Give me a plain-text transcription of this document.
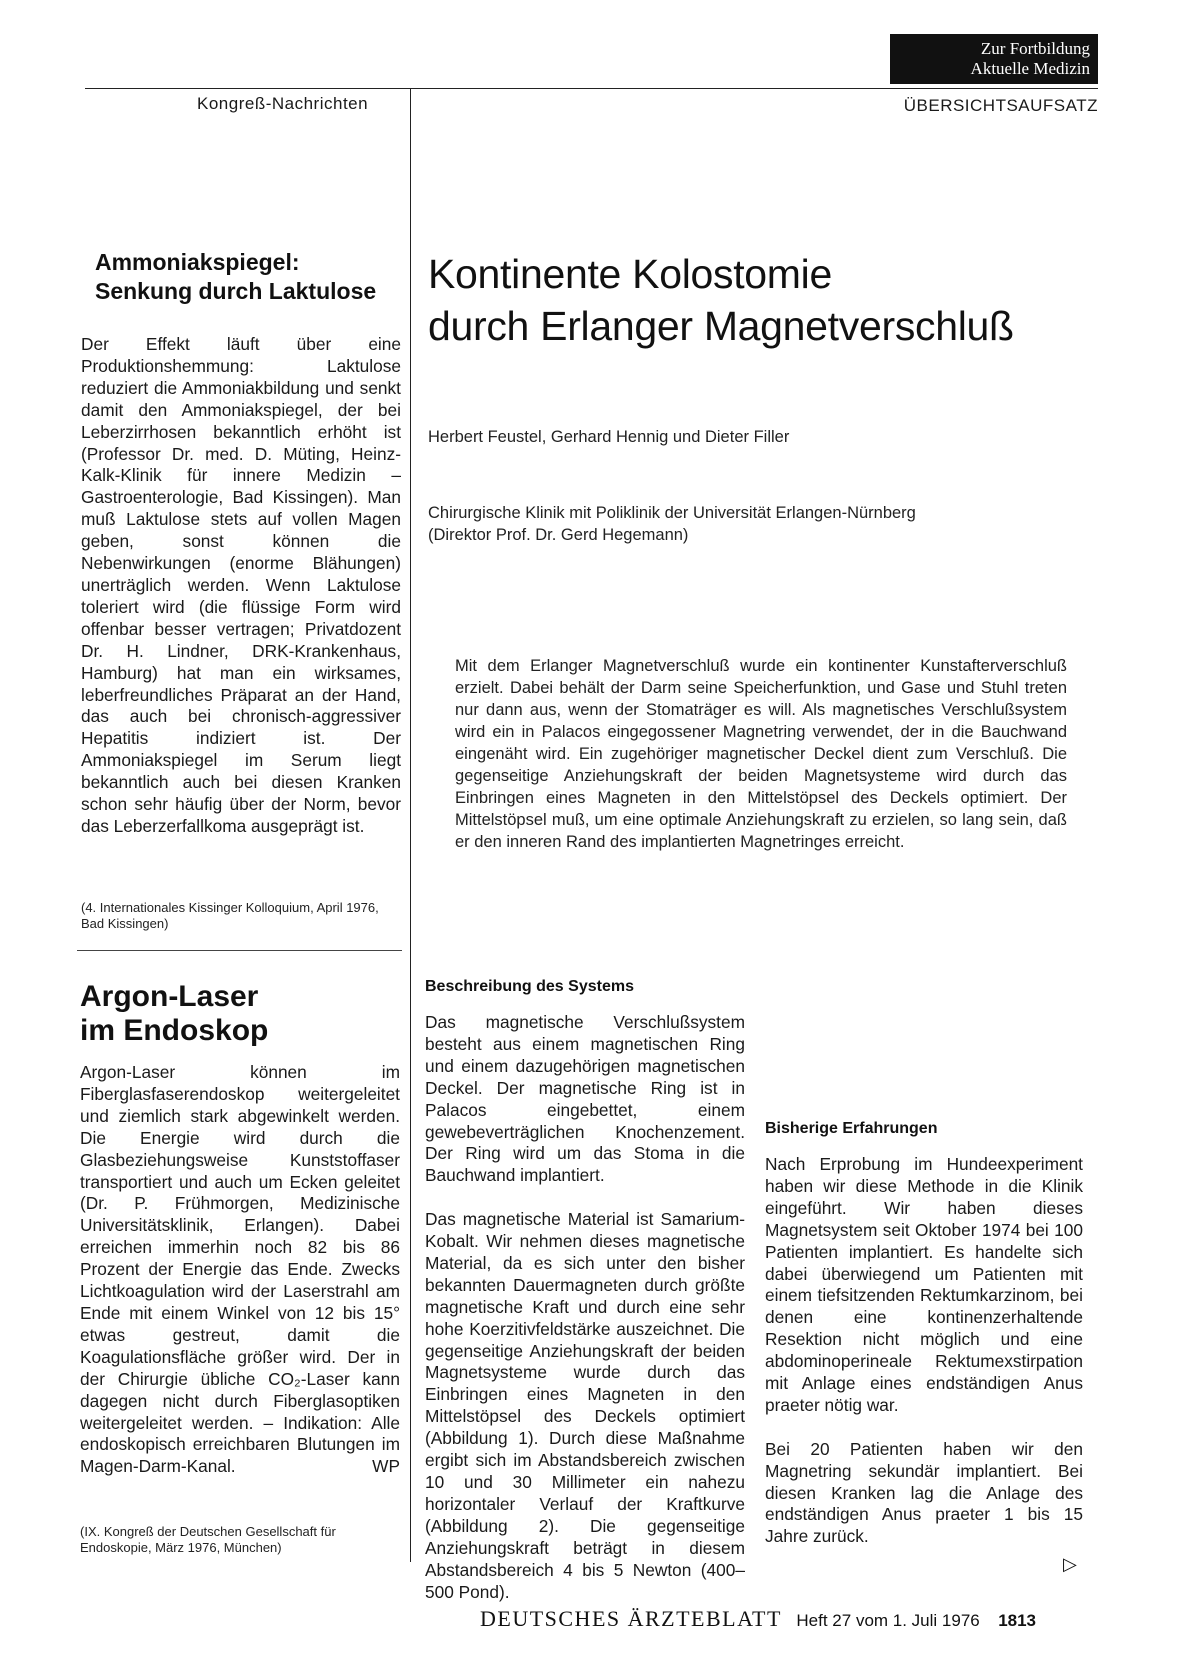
Zur Fortbildung
Aktuelle Medizin
Kongreß-Nachrichten	ÜBERSICHTSAUFSATZ
Ammoniakspiegel:
Senkung durch Laktulose
Der Effekt läuft über eine Produktionshemmung: Laktulose reduziert die Ammoniakbildung und senkt damit den Ammoniakspiegel, der bei Leberzirrhosen bekanntlich erhöht ist (Professor Dr. med. D. Müting, Heinz-Kalk-Klinik für innere Medizin – Gastroenterologie, Bad Kissingen). Man muß Laktulose stets auf vollen Magen geben, sonst können die Nebenwirkungen (enorme Blähungen) unerträglich werden. Wenn Laktulose toleriert wird (die flüssige Form wird offenbar besser vertragen; Privatdozent Dr. H. Lindner, DRK-Krankenhaus, Hamburg) hat man ein wirksames, leberfreundliches Präparat an der Hand, das auch bei chronisch-aggressiver Hepatitis indiziert ist. Der Ammoniakspiegel im Serum liegt bekanntlich auch bei diesen Kranken schon sehr häufig über der Norm, bevor das Leberzerfallkoma ausgeprägt ist.
(4. Internationales Kissinger Kolloquium, April 1976, Bad Kissingen)
Argon-Laser
im Endoskop
Argon-Laser können im Fiberglasfaserendoskop weitergeleitet und ziemlich stark abgewinkelt werden. Die Energie wird durch die Glasbeziehungsweise Kunststoffaser transportiert und auch um Ecken geleitet (Dr. P. Frühmorgen, Medizinische Universitätsklinik, Erlangen). Dabei erreichen immerhin noch 82 bis 86 Prozent der Energie das Ende. Zwecks Lichtkoagulation wird der Laserstrahl am Ende mit einem Winkel von 12 bis 15° etwas gestreut, damit die Koagulationsfläche größer wird. Der in der Chirurgie übliche CO₂-Laser kann dagegen nicht durch Fiberglasoptiken weitergeleitet werden. – Indikation: Alle endoskopisch erreichbaren Blutungen im Magen-Darm-Kanal.	WP
(IX. Kongreß der Deutschen Gesellschaft für Endoskopie, März 1976, München)
Kontinente Kolostomie
durch Erlanger Magnetverschluß
Herbert Feustel, Gerhard Hennig und Dieter Filler
Chirurgische Klinik mit Poliklinik der Universität Erlangen-Nürnberg
(Direktor Prof. Dr. Gerd Hegemann)
Mit dem Erlanger Magnetverschluß wurde ein kontinenter Kunstafterverschluß erzielt. Dabei behält der Darm seine Speicherfunktion, und Gase und Stuhl treten nur dann aus, wenn der Stomaträger es will. Als magnetisches Verschlußsystem wird ein in Palacos eingegossener Magnetring verwendet, der in die Bauchwand eingenäht wird. Ein zugehöriger magnetischer Deckel dient zum Verschluß. Die gegenseitige Anziehungskraft der beiden Magnetsysteme wird durch das Einbringen eines Magneten in den Mittelstöpsel des Deckels optimiert. Der Mittelstöpsel muß, um eine optimale Anziehungskraft zu erzielen, so lang sein, daß er den inneren Rand des implantierten Magnetringes erreicht.
Beschreibung des Systems

Das magnetische Verschlußsystem besteht aus einem magnetischen Ring und einem dazugehörigen magnetischen Deckel. Der magnetische Ring ist in Palacos eingebettet, einem gewebeverträglichen Knochenzement. Der Ring wird um das Stoma in die Bauchwand implantiert.

Das magnetische Material ist Samarium-Kobalt. Wir nehmen dieses magnetische Material, da es sich unter den bisher bekannten Dauermagneten durch größte magnetische Kraft und durch eine sehr hohe Koerzitivfeldstärke auszeichnet. Die gegenseitige Anziehungskraft der beiden Magnetsysteme wurde durch das Einbringen eines Magneten in den Mittelstöpsel des Deckels optimiert (Abbildung 1). Durch diese Maßnahme ergibt sich im Abstandsbereich zwischen 10 und 30 Millimeter ein nahezu horizontaler Verlauf der Kraftkurve (Abbildung 2). Die gegenseitige Anziehungskraft beträgt in diesem Abstandsbereich 4 bis 5 Newton (400–500 Pond).

Bisherige Erfahrungen

Nach Erprobung im Hundeexperiment haben wir diese Methode in die Klinik eingeführt. Wir haben dieses Magnetsystem seit Oktober 1974 bei 100 Patienten implantiert. Es handelte sich dabei überwiegend um Patienten mit einem tiefsitzenden Rektumkarzinom, bei denen eine kontinenzerhaltende Resektion nicht möglich und eine abdominoperineale Rektumexstirpation mit Anlage eines endständigen Anus praeter nötig war.

Bei 20 Patienten haben wir den Magnetring sekundär implantiert. Bei diesen Kranken lag die Anlage des endständigen Anus praeter 1 bis 15 Jahre zurück.

▷
DEUTSCHES ÄRZTEBLATT Heft 27 vom 1. Juli 1976 1813
